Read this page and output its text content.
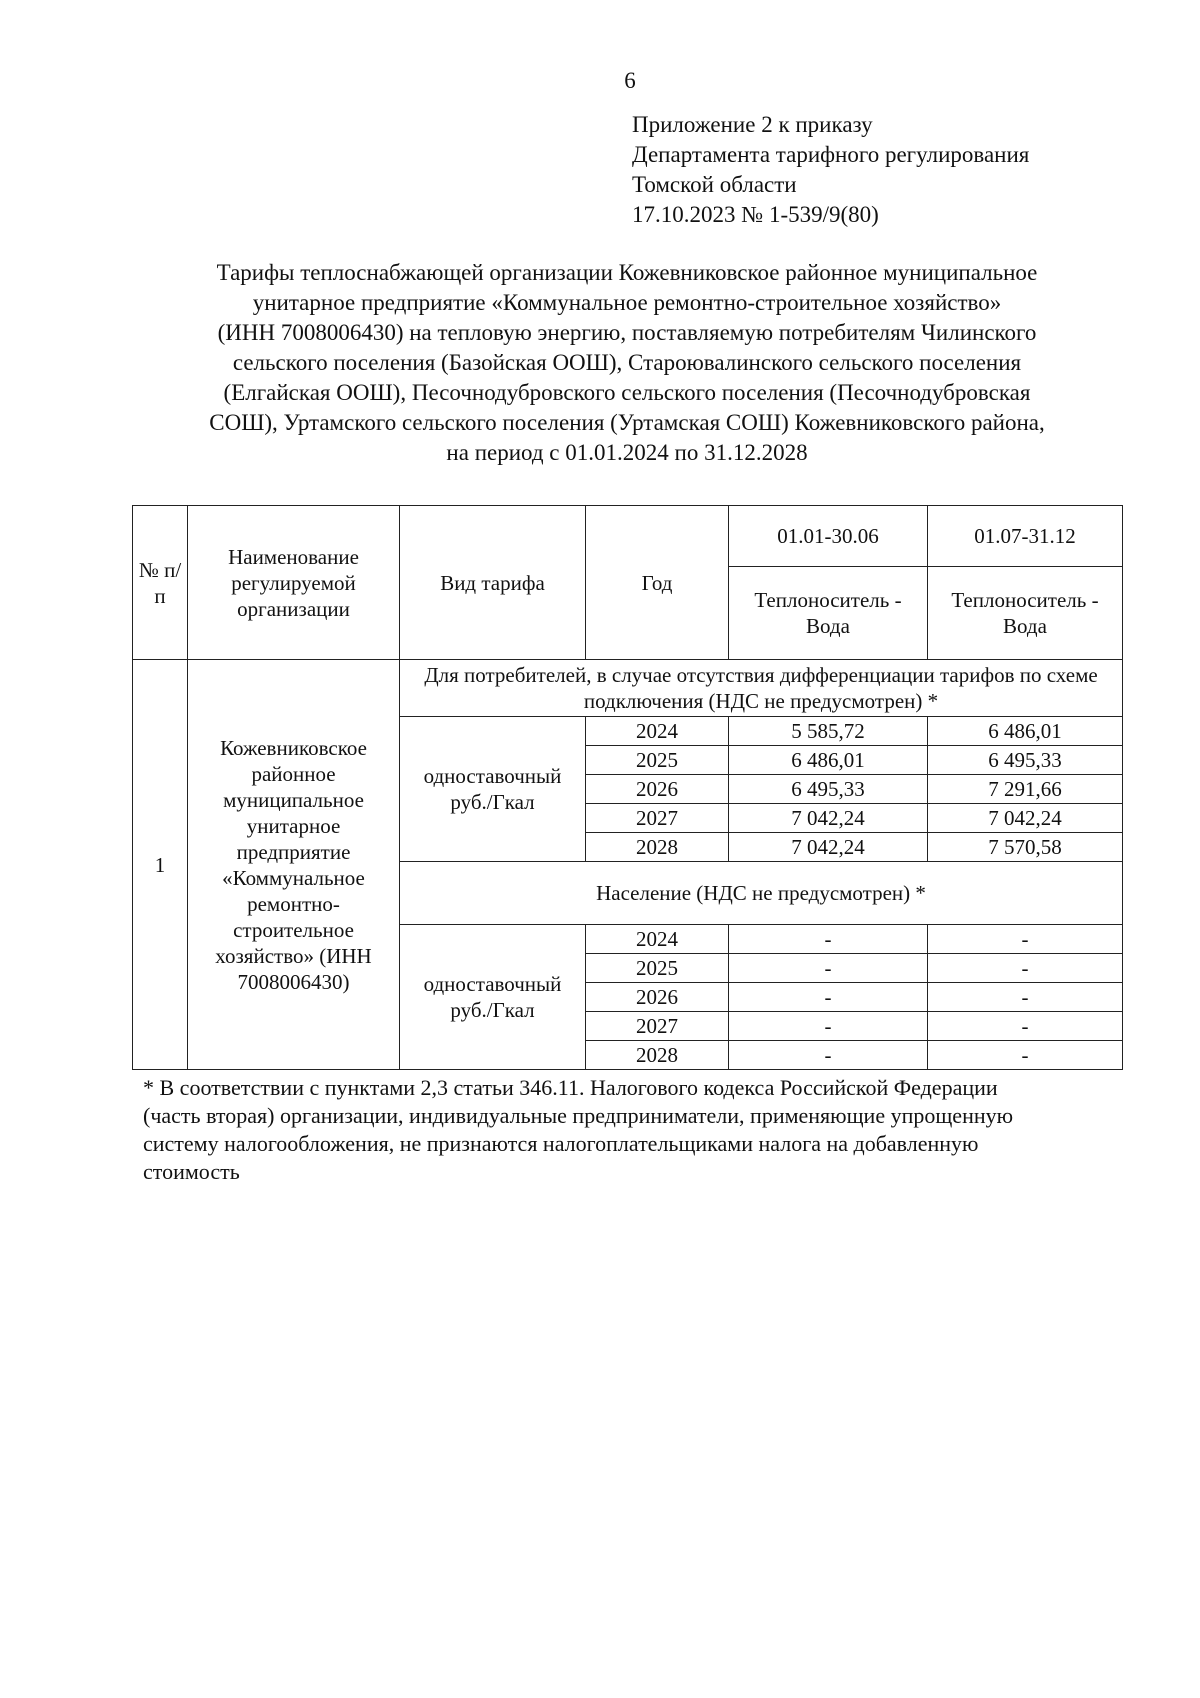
6
Приложение 2 к приказу
Департамента тарифного регулирования
Томской области
17.10.2023 № 1-539/9(80)
Тарифы теплоснабжающей организации Кожевниковское районное муниципальное
унитарное предприятие «Коммунальное ремонтно-строительное хозяйство»
(ИНН 7008006430) на тепловую энергию, поставляемую потребителям Чилинского
сельского поселения (Базойская ООШ), Староювалинского сельского поселения
(Елгайская ООШ), Песочнодубровского сельского поселения (Песочнодубровская
СОШ), Уртамского сельского поселения (Уртамская СОШ) Кожевниковского района,
на период с 01.01.2024 по 31.12.2028
№ п/п	Наименование регулируемой организации	Вид тарифа	Год	01.01-30.06	01.07-31.12
				Теплоноситель - Вода	Теплоноситель - Вода
1	Кожевниковское районное муниципальное унитарное предприятие «Коммунальное ремонтно-строительное хозяйство» (ИНН 7008006430)	Для потребителей, в случае отсутствия дифференциации тарифов по схеме подключения (НДС не предусмотрен) *			
		одноставочный руб./Гкал	2024	5 585,72	6 486,01
			2025	6 486,01	6 495,33
			2026	6 495,33	7 291,66
			2027	7 042,24	7 042,24
			2028	7 042,24	7 570,58
		Население (НДС не предусмотрен) *			
		одноставочный руб./Гкал	2024	-	-
			2025	-	-
			2026	-	-
			2027	-	-
			2028	-	-
* В соответствии с пунктами 2,3 статьи 346.11. Налогового кодекса Российской Федерации
(часть вторая) организации, индивидуальные предприниматели, применяющие упрощенную
систему налогообложения, не признаются налогоплательщиками налога на добавленную
стоимость
